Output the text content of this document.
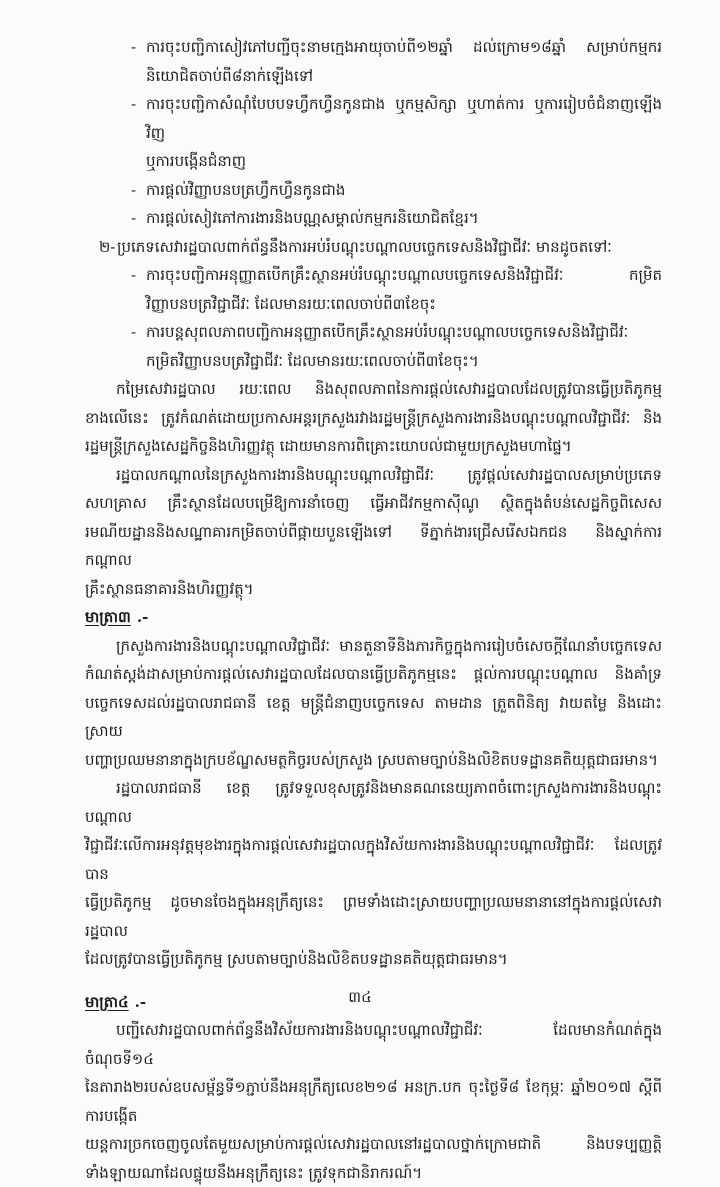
- ការចុះបញ្ជិកាសៀវភៅបញ្ជីចុះនាមក្មេងអាយុចាប់ពី១២ឆ្នាំ ដល់ក្រោម១៨ឆ្នាំ សម្រាប់កម្មករ
និយោជិតចាប់ពី៨នាក់ឡើងទៅ
- ការចុះបញ្ជិកាសំណុំបែបបទហ្វឹកហ្វឺនកូនជាង ឬកម្មសិក្សា ឬហាត់ការ ឬការរៀបចំជំនាញឡើងវិញ
ឬការបង្កើនជំនាញ
- ការផ្តល់វិញ្ញាបនបត្រហ្វឹកហ្វឺនកូនជាង
- ការផ្តល់សៀវភៅការងារនិងបណ្ណសម្គាល់កម្មករនិយោជិតខ្មែរ។
២- ប្រភេទសេវារដ្ឋបាលពាក់ព័ន្ធនឹងការអប់រំបណ្តុះបណ្តាលបច្ចេកទេសនិងវិជ្ជាជីវៈ មានដូចតទៅៈ
- ការចុះបញ្ជិកាអនុញ្ញាតបើកគ្រឹះស្ថានអប់រំបណ្តុះបណ្តាលបច្ចេកទេសនិងវិជ្ជាជីវៈ កម្រិត
វិញ្ញាបនបត្រវិជ្ជាជីវៈ ដែលមានរយៈពេលចាប់ពី៣ខែចុះ
- ការបន្តសុពលភាពបញ្ជិកាអនុញ្ញាតបើកគ្រឹះស្ថានអប់រំបណ្តុះបណ្តាលបច្ចេកទេសនិងវិជ្ជាជីវៈ
កម្រិតវិញ្ញាបនបត្រវិជ្ជាជីវៈ ដែលមានរយៈពេលចាប់ពី៣ខែចុះ។
កម្រៃសេវារដ្ឋបាល រយៈពេល និងសុពលភាពនៃការផ្តល់សេវារដ្ឋបាលដែលត្រូវបានធ្វើប្រតិភូកម្ម
ខាងលើនេះ ត្រូវកំណត់ដោយប្រកាសអន្តរក្រសួងរវាងរដ្ឋមន្ត្រីក្រសួងការងារនិងបណ្តុះបណ្តាលវិជ្ជាជីវៈ និង
រដ្ឋមន្ត្រីក្រសួងសេដ្ឋកិច្ចនិងហិរញ្ញវត្ថុ ដោយមានការពិគ្រោះយោបល់ជាមួយក្រសួងមហាផ្ទៃ។
រដ្ឋបាលកណ្តាលនៃក្រសួងការងារនិងបណ្តុះបណ្តាលវិជ្ជាជីវៈ ត្រូវផ្តល់សេវារដ្ឋបាលសម្រាប់ប្រភេទ
សហគ្រាស គ្រឹះស្ថានដែលបម្រើឱ្យការនាំចេញ ធ្វើអាជីវកម្មកាស៊ីណូ ស្ថិតក្នុងតំបន់សេដ្ឋកិច្ចពិសេស
រមណីយដ្ឋាននិងសណ្ឋាគារកម្រិតចាប់ពីផ្កាយបួនឡើងទៅ ទីភ្នាក់ងារជ្រើសរើសឯកជន និងស្នាក់ការកណ្តាល
គ្រឹះស្ថានធនាគារនិងហិរញ្ញវត្ថុ។
មាត្រា៣ .-
ក្រសួងការងារនិងបណ្តុះបណ្តាលវិជ្ជាជីវៈ មានតួនាទីនិងភារកិច្ចក្នុងការរៀបចំសេចក្តីណែនាំបច្ចេកទេស
កំណត់ស្តង់ដាសម្រាប់ការផ្តល់សេវារដ្ឋបាលដែលបានធ្វើប្រតិភូកម្មនេះ ផ្តល់ការបណ្តុះបណ្តាល និងគាំទ្រ
បច្ចេកទេសដល់រដ្ឋបាលរាជធានី ខេត្ត មន្ត្រីជំនាញបច្ចេកទេស តាមដាន ត្រួតពិនិត្យ វាយតម្លៃ និងដោះស្រាយ
បញ្ហាប្រឈមនានាក្នុងក្របខ័ណ្ឌសមត្ថកិច្ចរបស់ក្រសួង ស្របតាមច្បាប់និងលិខិតបទដ្ឋានគតិយុត្តជាធរមាន។
រដ្ឋបាលរាជធានី ខេត្ត ត្រូវទទួលខុសត្រូវនិងមានគណនេយ្យភាពចំពោះក្រសួងការងារនិងបណ្តុះបណ្តាល
វិជ្ជាជីវៈលើការអនុវត្តមុខងារក្នុងការផ្តល់សេវារដ្ឋបាលក្នុងវិស័យការងារនិងបណ្តុះបណ្តាលវិជ្ជាជីវៈ ដែលត្រូវបាន
ធ្វើប្រតិភូកម្ម ដូចមានចែងក្នុងអនុក្រឹត្យនេះ ព្រមទាំងដោះស្រាយបញ្ហាប្រឈមនានានៅក្នុងការផ្តល់សេវារដ្ឋបាល
ដែលត្រូវបានធ្វើប្រតិភូកម្ម ស្របតាមច្បាប់និងលិខិតបទដ្ឋានគតិយុត្តជាធរមាន។
មាត្រា៤ .-
បញ្ជីសេវារដ្ឋបាលពាក់ព័ន្ធនឹងវិស័យការងារនិងបណ្តុះបណ្តាលវិជ្ជាជីវៈ ដែលមានកំណត់ក្នុងចំណុចទី១៤
នៃតារាង២របស់ឧបសម្ព័ន្ធទី១ភ្ជាប់នឹងអនុក្រឹត្យលេខ២១៨ អនក្រ.បក ចុះថ្ងៃទី៨ ខែកុម្ភៈ ឆ្នាំ២០១៧ ស្តីពីការបង្កើត
យន្តការច្រកចេញចូលតែមួយសម្រាប់ការផ្តល់សេវារដ្ឋបាលនៅរដ្ឋបាលថ្នាក់ក្រោមជាតិ និងបទប្បញ្ញត្តិ
ទាំងឡាយណាដែលផ្ទុយនឹងអនុក្រឹត្យនេះ ត្រូវទុកជានិរាករណ៍។
៣៤
